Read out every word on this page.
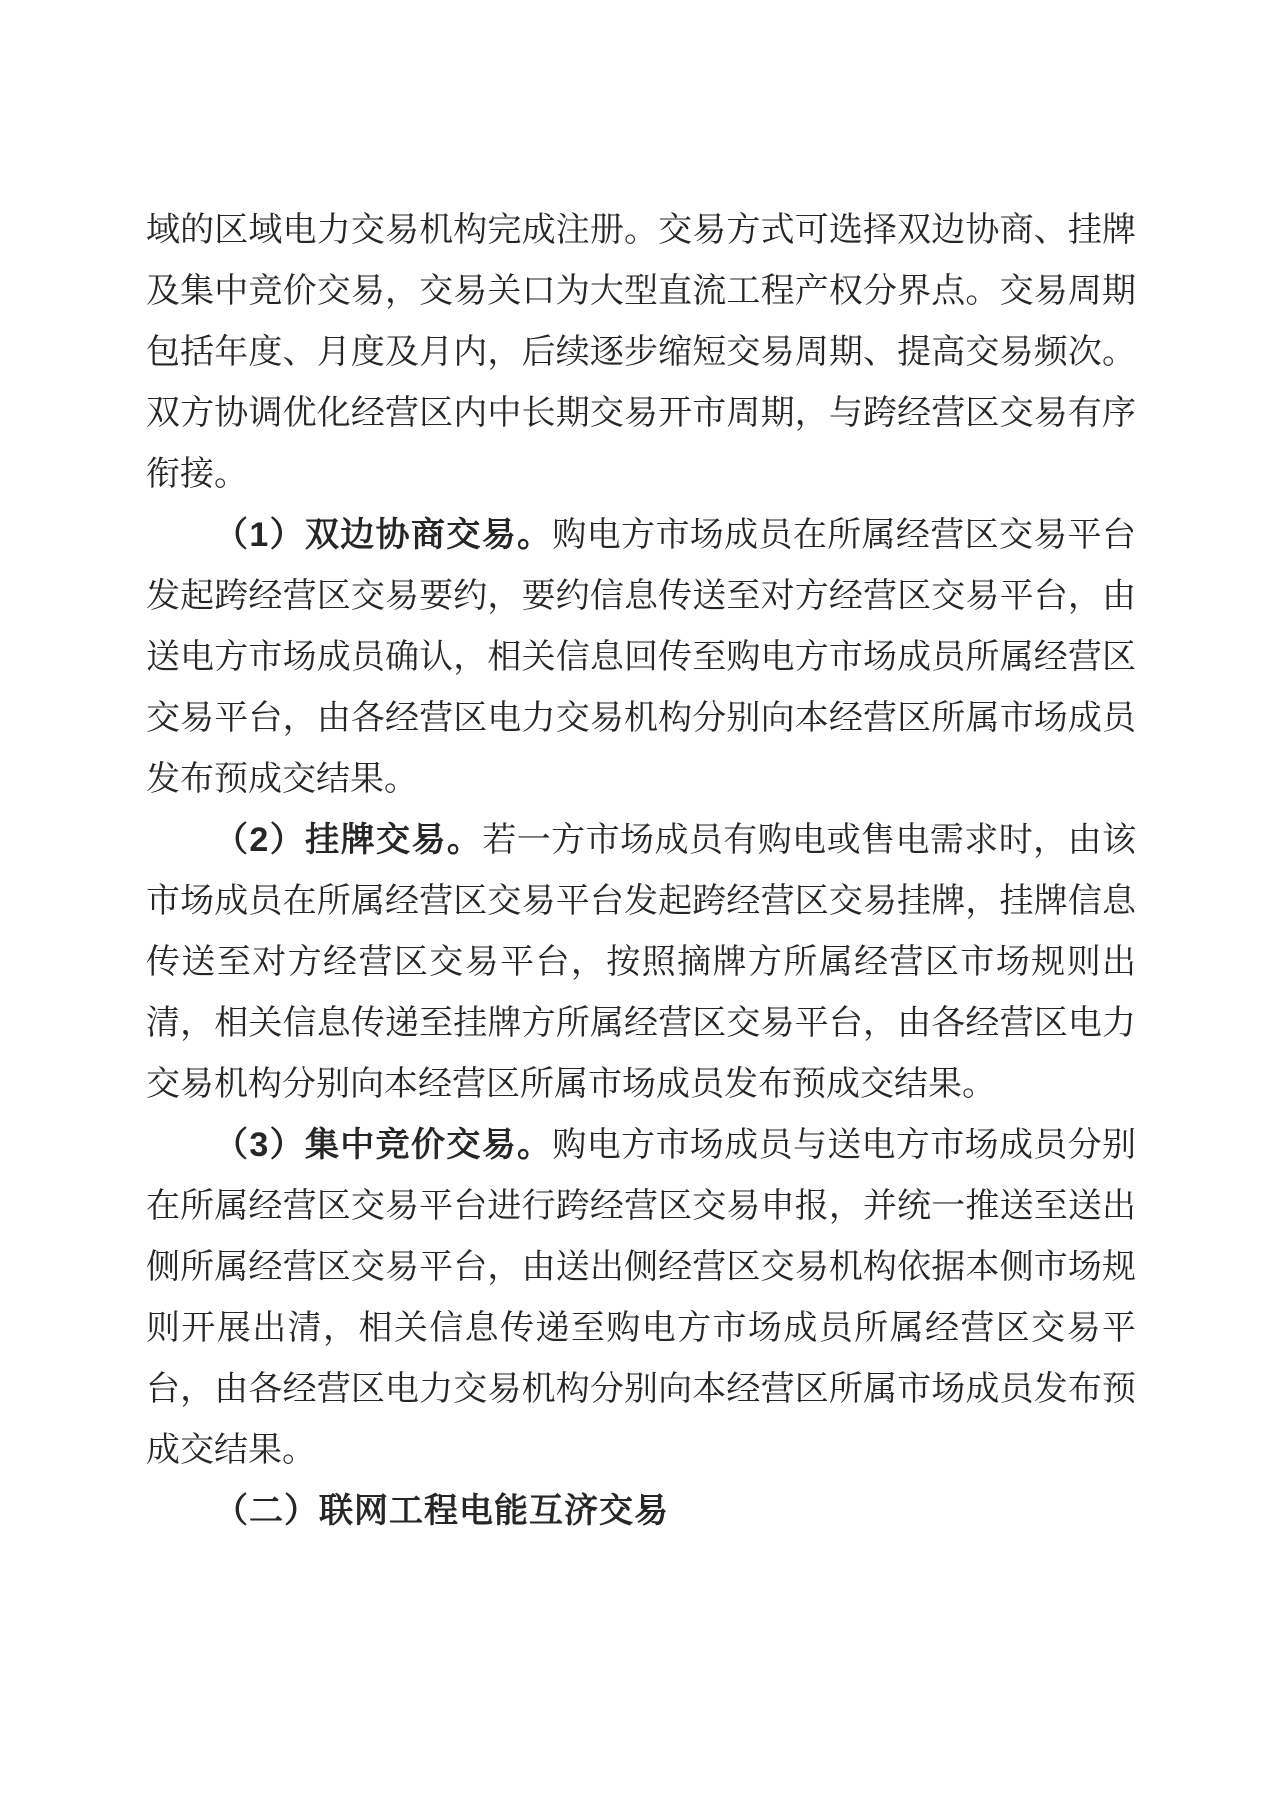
域的区域电力交易机构完成注册。交易方式可选择双边协商、挂牌
及集中竞价交易，交易关口为大型直流工程产权分界点。交易周期
包括年度、月度及月内，后续逐步缩短交易周期、提高交易频次。
双方协调优化经营区内中长期交易开市周期，与跨经营区交易有序
衔接。
（1）双边协商交易。购电方市场成员在所属经营区交易平台
发起跨经营区交易要约，要约信息传送至对方经营区交易平台，由
送电方市场成员确认，相关信息回传至购电方市场成员所属经营区
交易平台，由各经营区电力交易机构分别向本经营区所属市场成员
发布预成交结果。
（2）挂牌交易。若一方市场成员有购电或售电需求时，由该
市场成员在所属经营区交易平台发起跨经营区交易挂牌，挂牌信息
传送至对方经营区交易平台，按照摘牌方所属经营区市场规则出
清，相关信息传递至挂牌方所属经营区交易平台，由各经营区电力
交易机构分别向本经营区所属市场成员发布预成交结果。
（3）集中竞价交易。购电方市场成员与送电方市场成员分别
在所属经营区交易平台进行跨经营区交易申报，并统一推送至送出
侧所属经营区交易平台，由送出侧经营区交易机构依据本侧市场规
则开展出清，相关信息传递至购电方市场成员所属经营区交易平
台，由各经营区电力交易机构分别向本经营区所属市场成员发布预
成交结果。
（二）联网工程电能互济交易
